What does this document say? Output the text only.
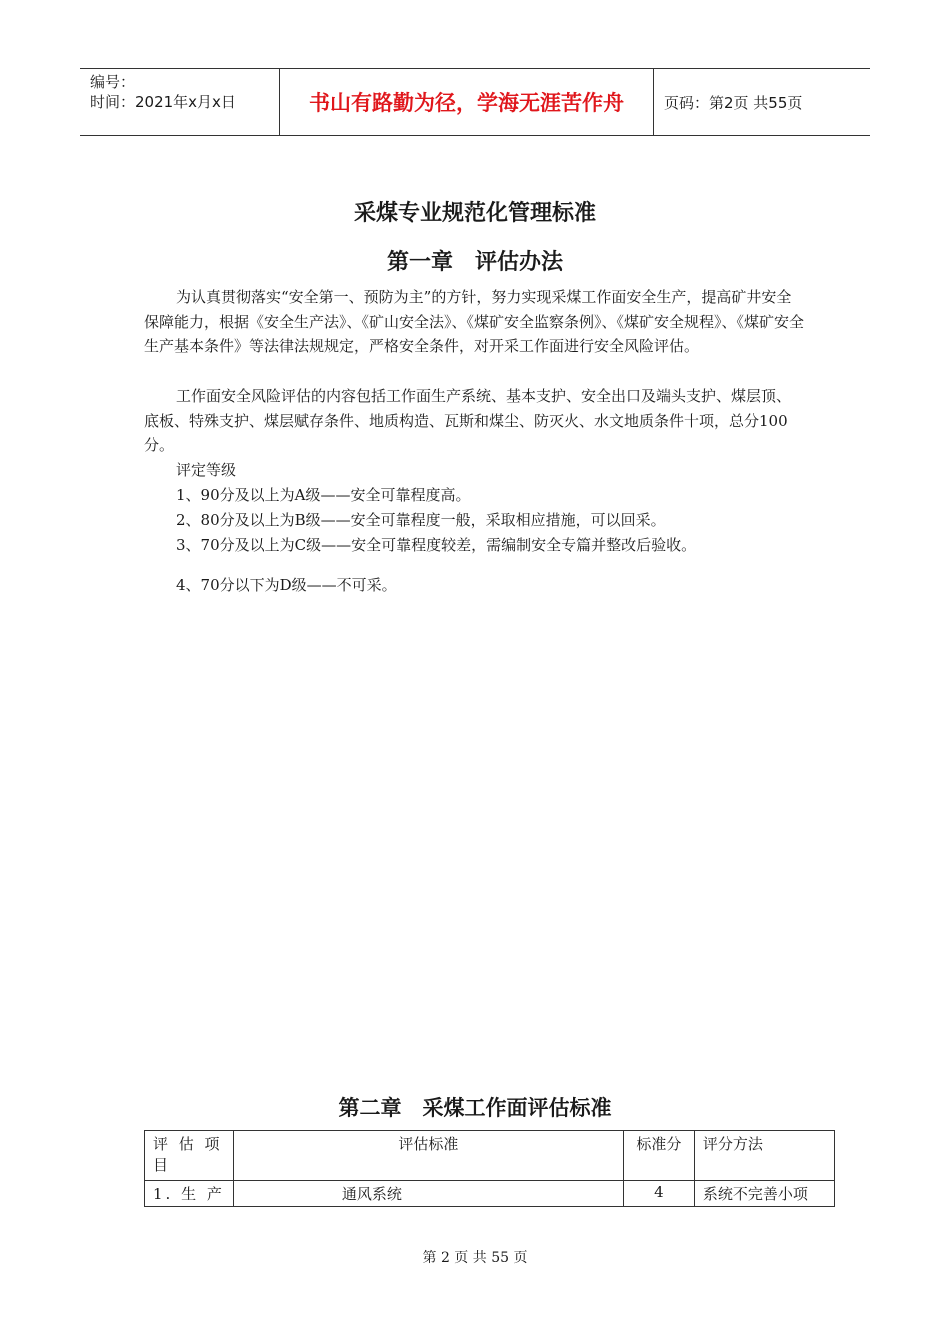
编号：
时间：2021年x月x日	书山有路勤为径，学海无涯苦作舟	页码：第2页 共55页
采煤专业规范化管理标准
第一章　评估办法

为认真贯彻落实“安全第一、预防为主”的方针，努力实现采煤工作面安全生产，提高矿井安全保障能力，根据《安全生产法》、《矿山安全法》、《煤矿安全监察条例》、《煤矿安全规程》、《煤矿安全生产基本条件》等法律法规规定，严格安全条件，对开采工作面进行安全风险评估。

工作面安全风险评估的内容包括工作面生产系统、基本支护、安全出口及端头支护、煤层顶、底板、特殊支护、煤层赋存条件、地质构造、瓦斯和煤尘、防灭火、水文地质条件十项，总分100分。

评定等级
1、90分及以上为A级——安全可靠程度高。
2、80分及以上为B级——安全可靠程度一般，采取相应措施，可以回采。
3、70分及以上为C级——安全可靠程度较差，需编制安全专篇并整改后验收。
4、70分以下为D级——不可采。
第二章　采煤工作面评估标准
评 估 项 目	评估标准	标准分	评分方法
1. 生 产	通风系统	4	系统不完善小项
第 2 页 共 55 页
